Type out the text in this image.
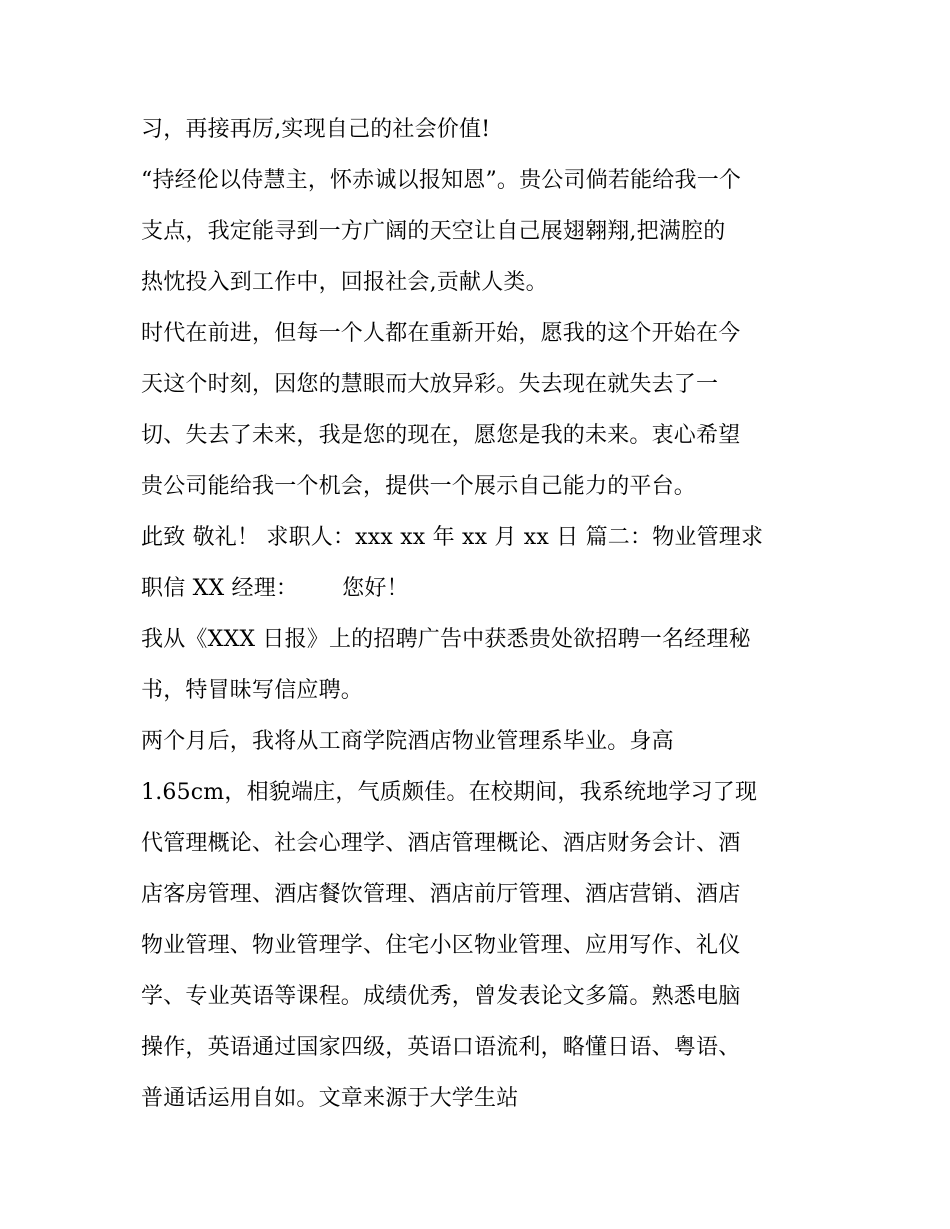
习，再接再厉,实现自己的社会价值!
“持经伦以侍慧主，怀赤诚以报知恩”。贵公司倘若能给我一个
支点，我定能寻到一方广阔的天空让自己展翅翱翔,把满腔的
热忱投入到工作中，回报社会,贡献人类。
时代在前进，但每一个人都在重新开始，愿我的这个开始在今
天这个时刻，因您的慧眼而大放异彩。失去现在就失去了一
切、失去了未来，我是您的现在，愿您是我的未来。衷心希望
贵公司能给我一个机会，提供一个展示自己能力的平台。
此致 敬礼！ 求职人：xxx xx 年 xx 月 xx 日 篇二：物业管理求
职信 XX 经理： 您好！
我从《XXX 日报》上的招聘广告中获悉贵处欲招聘一名经理秘
书，特冒昧写信应聘。
两个月后，我将从工商学院酒店物业管理系毕业。身高
1.65cm，相貌端庄，气质颇佳。在校期间，我系统地学习了现
代管理概论、社会心理学、酒店管理概论、酒店财务会计、酒
店客房管理、酒店餐饮管理、酒店前厅管理、酒店营销、酒店
物业管理、物业管理学、住宅小区物业管理、应用写作、礼仪
学、专业英语等课程。成绩优秀，曾发表论文多篇。熟悉电脑
操作，英语通过国家四级，英语口语流利，略懂日语、粤语、
普通话运用自如。文章来源于大学生站
